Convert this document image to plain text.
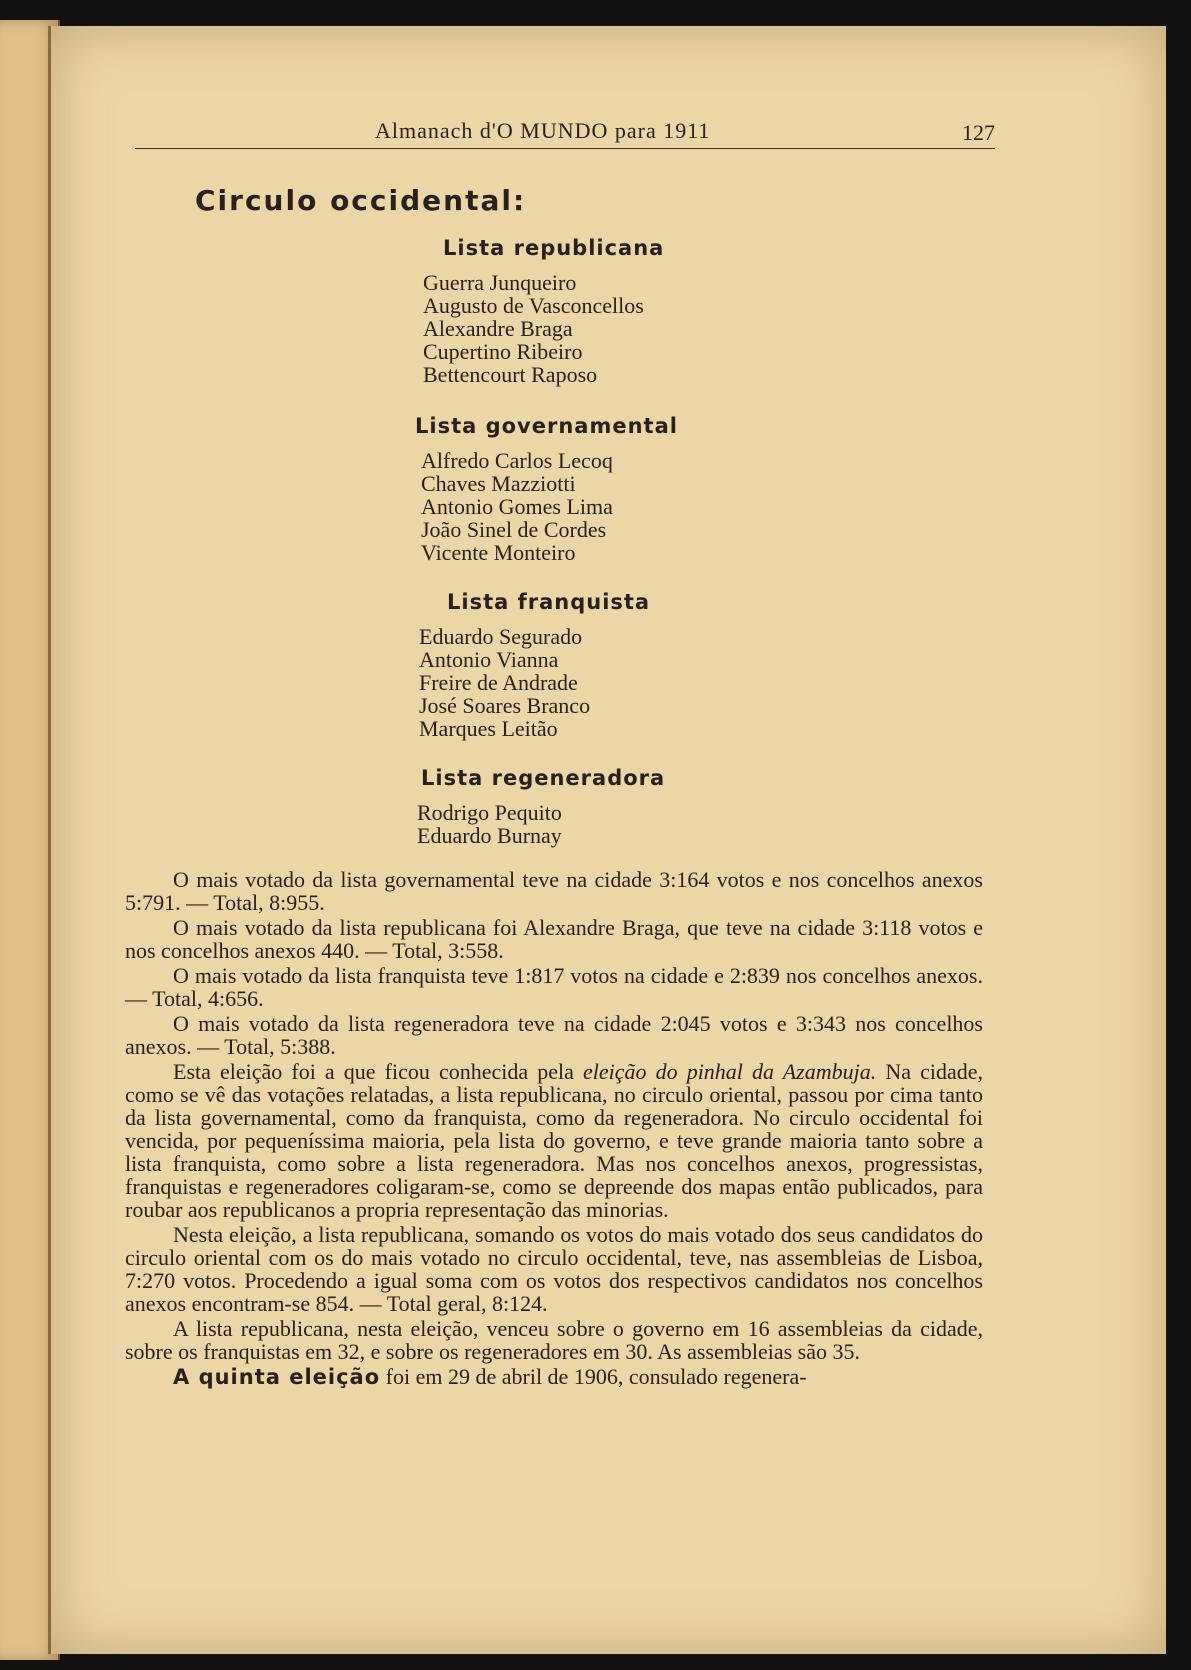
Almanach d'O MUNDO para 1911	127
Circulo occidental:
Lista republicana
Guerra Junqueiro
Augusto de Vasconcellos
Alexandre Braga
Cupertino Ribeiro
Bettencourt Raposo
Lista governamental
Alfredo Carlos Lecoq
Chaves Mazziotti
Antonio Gomes Lima
João Sinel de Cordes
Vicente Monteiro
Lista franquista
Eduardo Segurado
Antonio Vianna
Freire de Andrade
José Soares Branco
Marques Leitão
Lista regeneradora
Rodrigo Pequito
Eduardo Burnay

O mais votado da lista governamental teve na cidade 3:164 votos e nos concelhos anexos 5:791. — Total, 8:955.

O mais votado da lista republicana foi Alexandre Braga, que teve na cidade 3:118 votos e nos concelhos anexos 440. — Total, 3:558.

O mais votado da lista franquista teve 1:817 votos na cidade e 2:839 nos concelhos anexos. — Total, 4:656.

O mais votado da lista regeneradora teve na cidade 2:045 votos e 3:343 nos concelhos anexos. — Total, 5:388.

Esta eleição foi a que ficou conhecida pela eleição do pinhal da Azambuja. Na cidade, como se vê das votações relatadas, a lista republicana, no circulo oriental, passou por cima tanto da lista governamental, como da franquista, como da regeneradora. No circulo occidental foi vencida, por pequeníssima maioria, pela lista do governo, e teve grande maioria tanto sobre a lista franquista, como sobre a lista regeneradora. Mas nos concelhos anexos, progressistas, franquistas e regeneradores coligaram-se, como se depreende dos mapas então publicados, para roubar aos republicanos a propria representação das minorias.

Nesta eleição, a lista republicana, somando os votos do mais votado dos seus candidatos do circulo oriental com os do mais votado no circulo occidental, teve, nas assembleias de Lisboa, 7:270 votos. Procedendo a igual soma com os votos dos respectivos candidatos nos concelhos anexos encontram-se 854. — Total geral, 8:124.

A lista republicana, nesta eleição, venceu sobre o governo em 16 assembleias da cidade, sobre os franquistas em 32, e sobre os regeneradores em 30. As assembleias são 35.

A quinta eleição foi em 29 de abril de 1906, consulado regenera-
